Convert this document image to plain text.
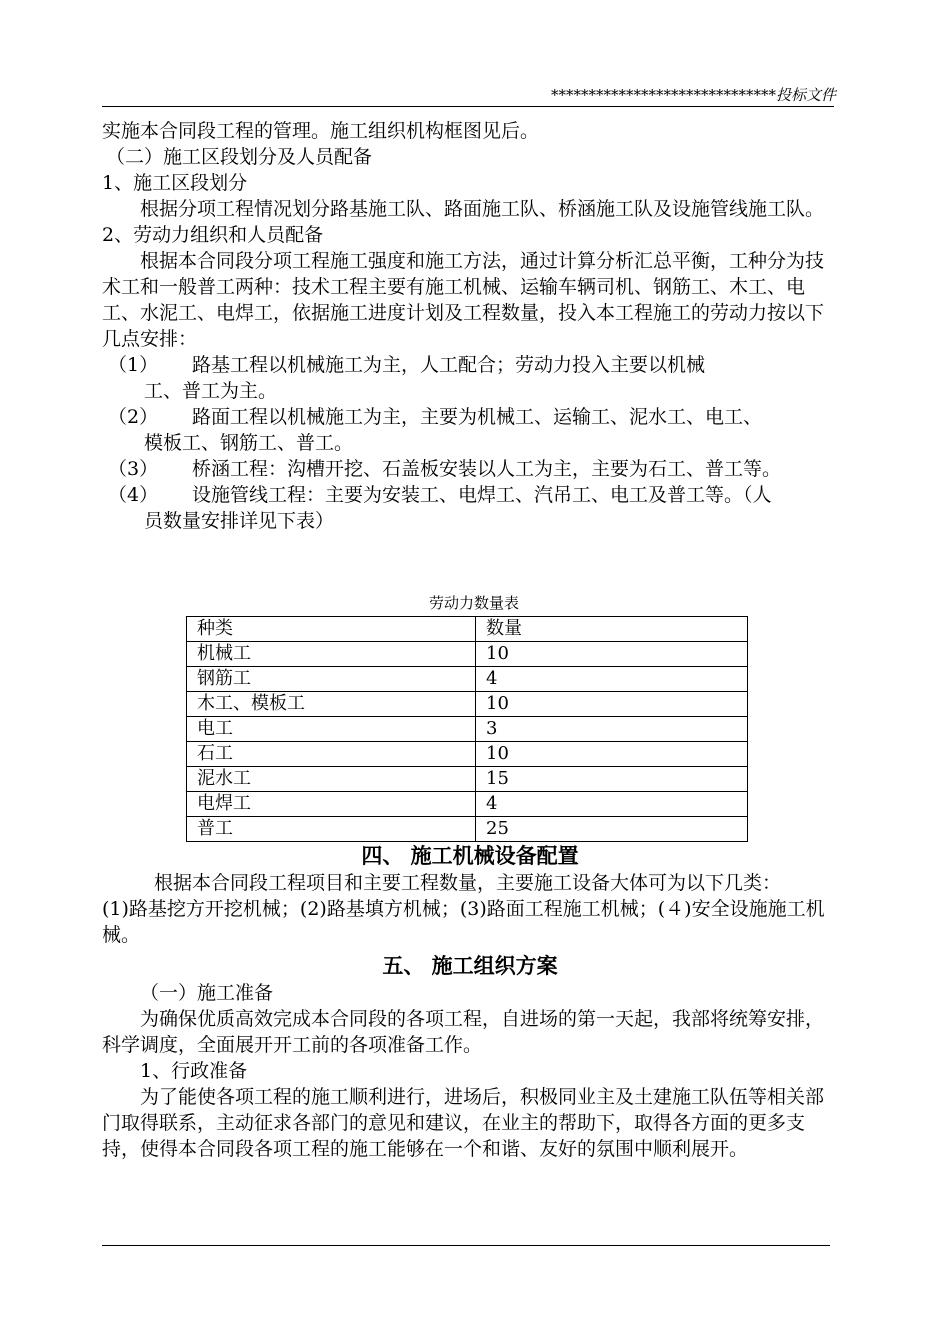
******************************投标文件

实施本合同段工程的管理。施工组织机构框图见后。

（二）施工区段划分及人员配备

1、施工区段划分

根据分项工程情况划分路基施工队、路面施工队、桥涵施工队及设施管线施工队。

2、劳动力组织和人员配备

根据本合同段分项工程施工强度和施工方法，通过计算分析汇总平衡，工种分为技术工和一般普工两种：技术工程主要有施工机械、运输车辆司机、钢筋工、木工、电工、水泥工、电焊工，依据施工进度计划及工程数量，投入本工程施工的劳动力按以下几点安排：

（1）	路基工程以机械施工为主，人工配合；劳动力投入主要以机械
工、普工为主。
（2）	路面工程以机械施工为主，主要为机械工、运输工、泥水工、电工、
模板工、钢筋工、普工。
（3）	桥涵工程：沟槽开挖、石盖板安装以人工为主，主要为石工、普工等。
（4）	设施管线工程：主要为安装工、电焊工、汽吊工、电工及普工等。（人
员数量安排详见下表）
劳动力数量表
种类	数量
机械工	10
钢筋工	4
木工、模板工	10
电工	3
石工	10
泥水工	15
电焊工	4
普工	25
四、 施工机械设备配置

根据本合同段工程项目和主要工程数量，主要施工设备大体可为以下几类：

(1)路基挖方开挖机械；(2)路基填方机械；(3)路面工程施工机械；(４)安全设施施工机械。

五、 施工组织方案

（一）施工准备

为确保优质高效完成本合同段的各项工程，自进场的第一天起，我部将统筹安排，科学调度，全面展开开工前的各项准备工作。

1、行政准备

为了能使各项工程的施工顺利进行，进场后，积极同业主及土建施工队伍等相关部门取得联系，主动征求各部门的意见和建议，在业主的帮助下，取得各方面的更多支持，使得本合同段各项工程的施工能够在一个和谐、友好的氛围中顺利展开。
